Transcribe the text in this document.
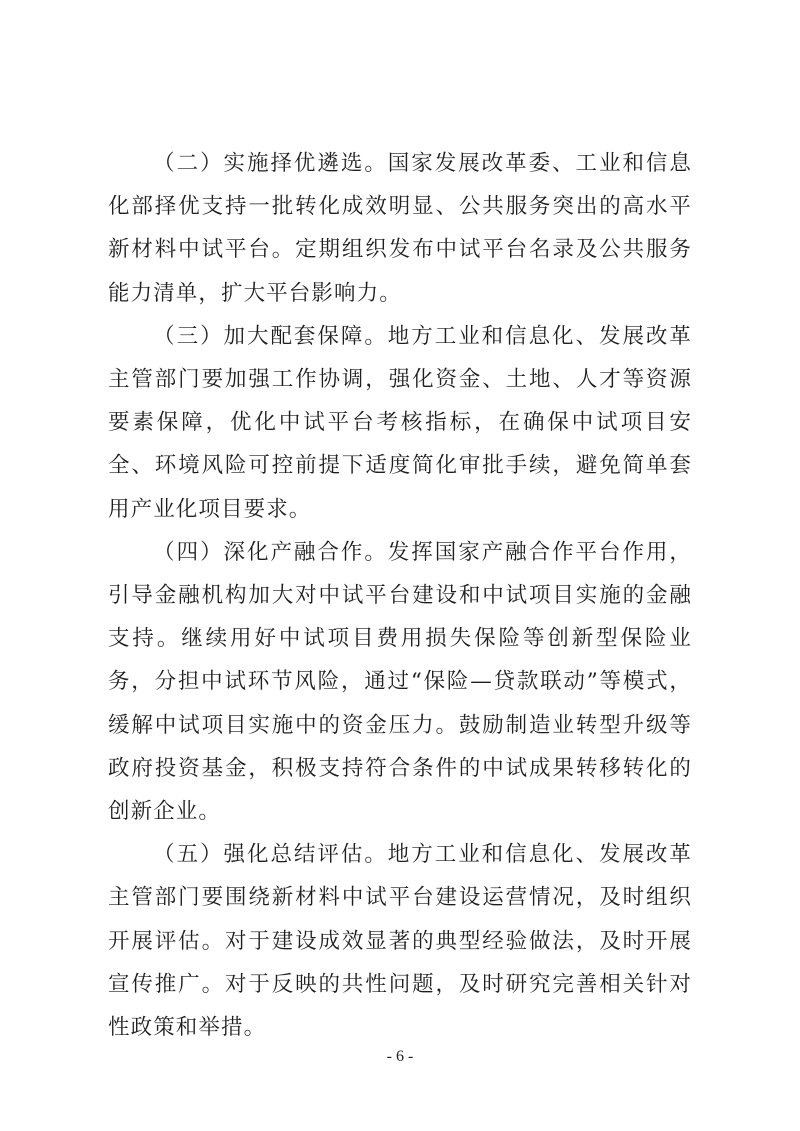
（二）实施择优遴选。国家发展改革委、工业和信息化部择优支持一批转化成效明显、公共服务突出的高水平新材料中试平台。定期组织发布中试平台名录及公共服务能力清单，扩大平台影响力。

（三）加大配套保障。地方工业和信息化、发展改革主管部门要加强工作协调，强化资金、土地、人才等资源要素保障，优化中试平台考核指标，在确保中试项目安全、环境风险可控前提下适度简化审批手续，避免简单套用产业化项目要求。

（四）深化产融合作。发挥国家产融合作平台作用，引导金融机构加大对中试平台建设和中试项目实施的金融支持。继续用好中试项目费用损失保险等创新型保险业务，分担中试环节风险，通过“保险—贷款联动”等模式，缓解中试项目实施中的资金压力。鼓励制造业转型升级等政府投资基金，积极支持符合条件的中试成果转移转化的创新企业。

（五）强化总结评估。地方工业和信息化、发展改革主管部门要围绕新材料中试平台建设运营情况，及时组织开展评估。对于建设成效显著的典型经验做法，及时开展宣传推广。对于反映的共性问题，及时研究完善相关针对性政策和举措。

- 6 -
